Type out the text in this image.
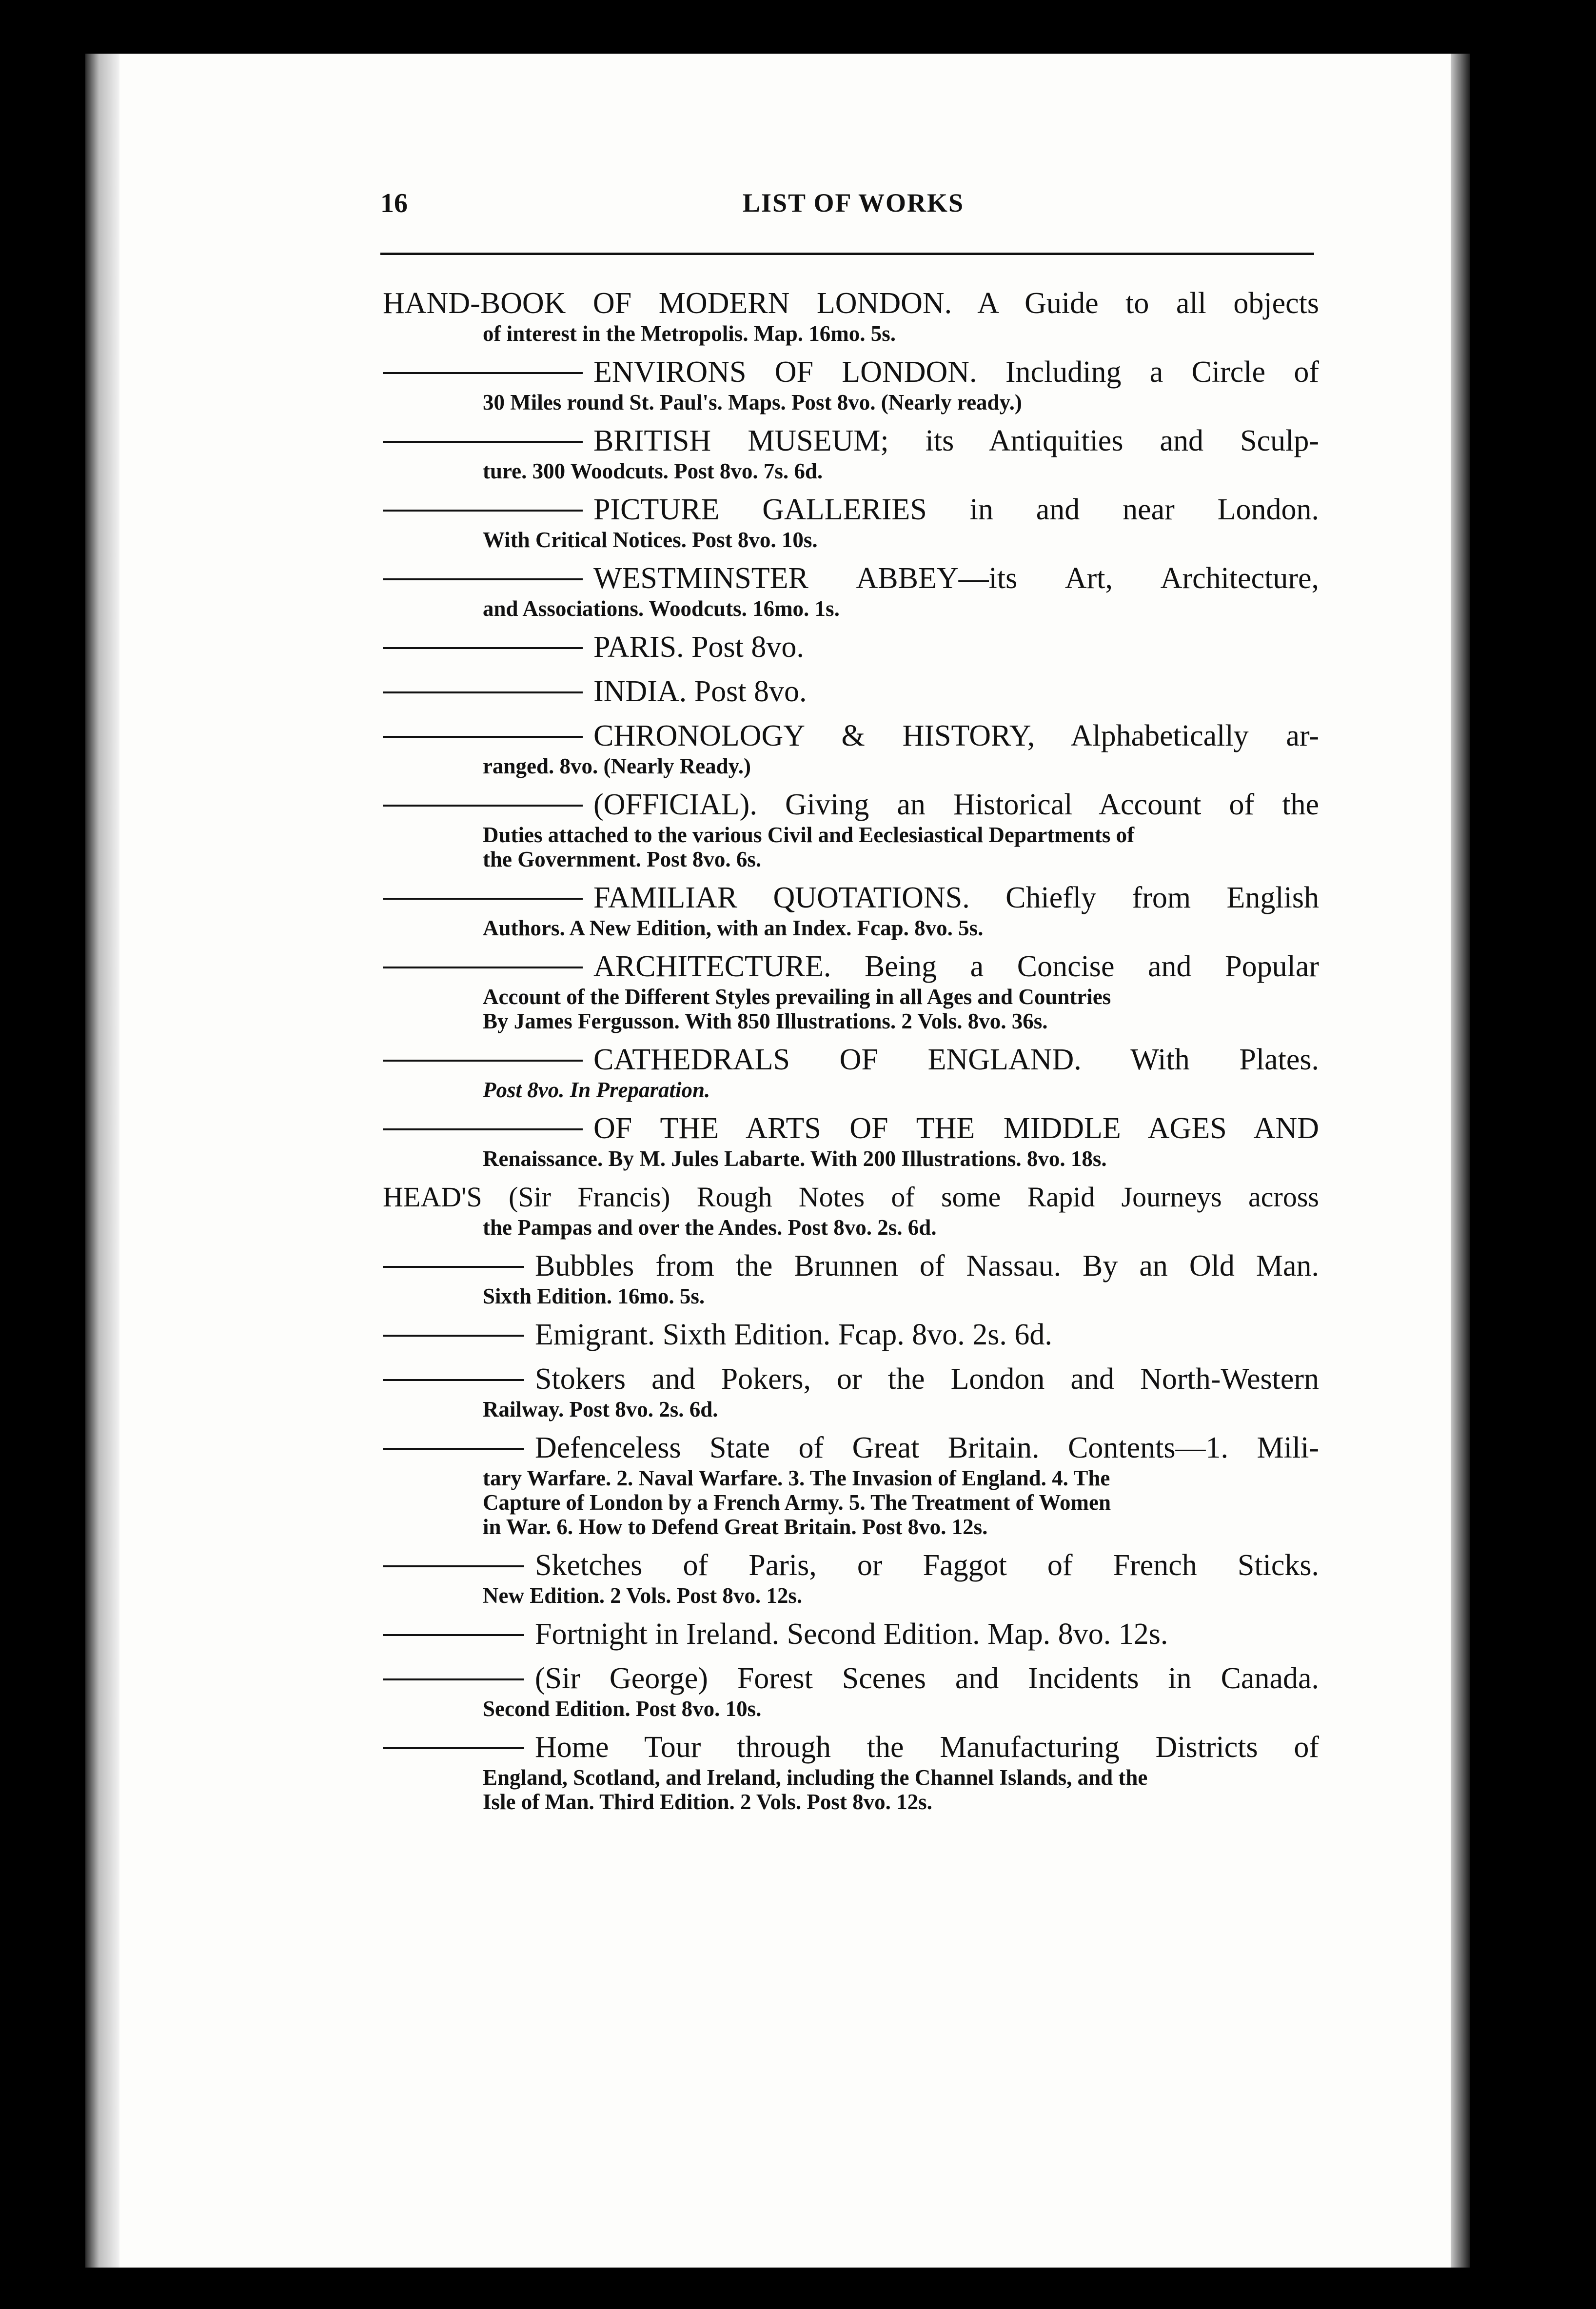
16	LIST OF WORKS
HAND-BOOK OF MODERN LONDON. A Guide to all objects
of interest in the Metropolis. Map. 16mo. 5s.
ENVIRONS OF LONDON. Including a Circle of
30 Miles round St. Paul's. Maps. Post 8vo. (Nearly ready.)
BRITISH MUSEUM; its Antiquities and Sculp-
ture. 300 Woodcuts. Post 8vo. 7s. 6d.
PICTURE GALLERIES in and near London.
With Critical Notices. Post 8vo. 10s.
WESTMINSTER ABBEY—its Art, Architecture,
and Associations. Woodcuts. 16mo. 1s.
PARIS. Post 8vo.
INDIA. Post 8vo.
CHRONOLOGY & HISTORY, Alphabetically ar-
ranged. 8vo. (Nearly Ready.)
(OFFICIAL). Giving an Historical Account of the
Duties attached to the various Civil and Eeclesiastical Departments of
the Government. Post 8vo. 6s.
FAMILIAR QUOTATIONS. Chiefly from English
Authors. A New Edition, with an Index. Fcap. 8vo. 5s.
ARCHITECTURE. Being a Concise and Popular
Account of the Different Styles prevailing in all Ages and Countries
By James Fergusson. With 850 Illustrations. 2 Vols. 8vo. 36s.
CATHEDRALS OF ENGLAND. With Plates.
Post 8vo. In Preparation.
OF THE ARTS OF THE MIDDLE AGES AND
Renaissance. By M. Jules Labarte. With 200 Illustrations. 8vo. 18s.
HEAD'S (Sir Francis) Rough Notes of some Rapid Journeys across
the Pampas and over the Andes. Post 8vo. 2s. 6d.
Bubbles from the Brunnen of Nassau. By an Old Man.
Sixth Edition. 16mo. 5s.
Emigrant. Sixth Edition. Fcap. 8vo. 2s. 6d.
Stokers and Pokers, or the London and North-Western
Railway. Post 8vo. 2s. 6d.
Defenceless State of Great Britain. Contents—1. Mili-
tary Warfare. 2. Naval Warfare. 3. The Invasion of England. 4. The
Capture of London by a French Army. 5. The Treatment of Women
in War. 6. How to Defend Great Britain. Post 8vo. 12s.
Sketches of Paris, or Faggot of French Sticks.
New Edition. 2 Vols. Post 8vo. 12s.
Fortnight in Ireland. Second Edition. Map. 8vo. 12s.
(Sir George) Forest Scenes and Incidents in Canada.
Second Edition. Post 8vo. 10s.
Home Tour through the Manufacturing Districts of
England, Scotland, and Ireland, including the Channel Islands, and the
Isle of Man. Third Edition. 2 Vols. Post 8vo. 12s.
